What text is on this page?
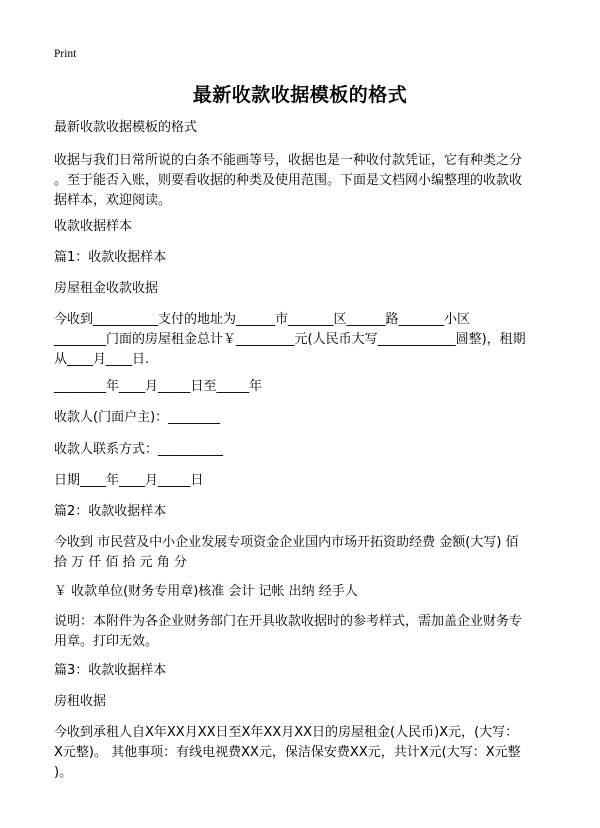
Print
最新收款收据模板的格式
最新收款收据模板的格式
收据与我们日常所说的白条不能画等号，收据也是一种收付款凭证，它有种类之分
。至于能否入账，则要看收据的种类及使用范围。下面是文档网小编整理的收款收
据样本，欢迎阅读。
收款收据样本
篇1：收款收据样本
房屋租金收款收据
今收到__________支付的地址为______市_______区______路_______小区
________门面的房屋租金总计￥_________元(人民币大写____________圆整)，租期
从____月____日.
________年____月_____日至_____年
收款人(门面户主)：________
收款人联系方式：__________
日期____年____月_____日
篇2：收款收据样本
今收到 市民营及中小企业发展专项资金企业国内市场开拓资助经费 金额(大写) 佰
拾 万 仟 佰 拾 元 角 分
￥ 收款单位(财务专用章)核准 会计 记帐 出纳 经手人
说明：本附件为各企业财务部门在开具收款收据时的参考样式，需加盖企业财务专
用章。打印无效。
篇3：收款收据样本
房租收据
今收到承租人自X年XX月XX日至X年XX月XX日的房屋租金(人民币)X元，(大写：
X元整)。 其他事项：有线电视费XX元，保洁保安费XX元，共计X元(大写：X元整
)。
